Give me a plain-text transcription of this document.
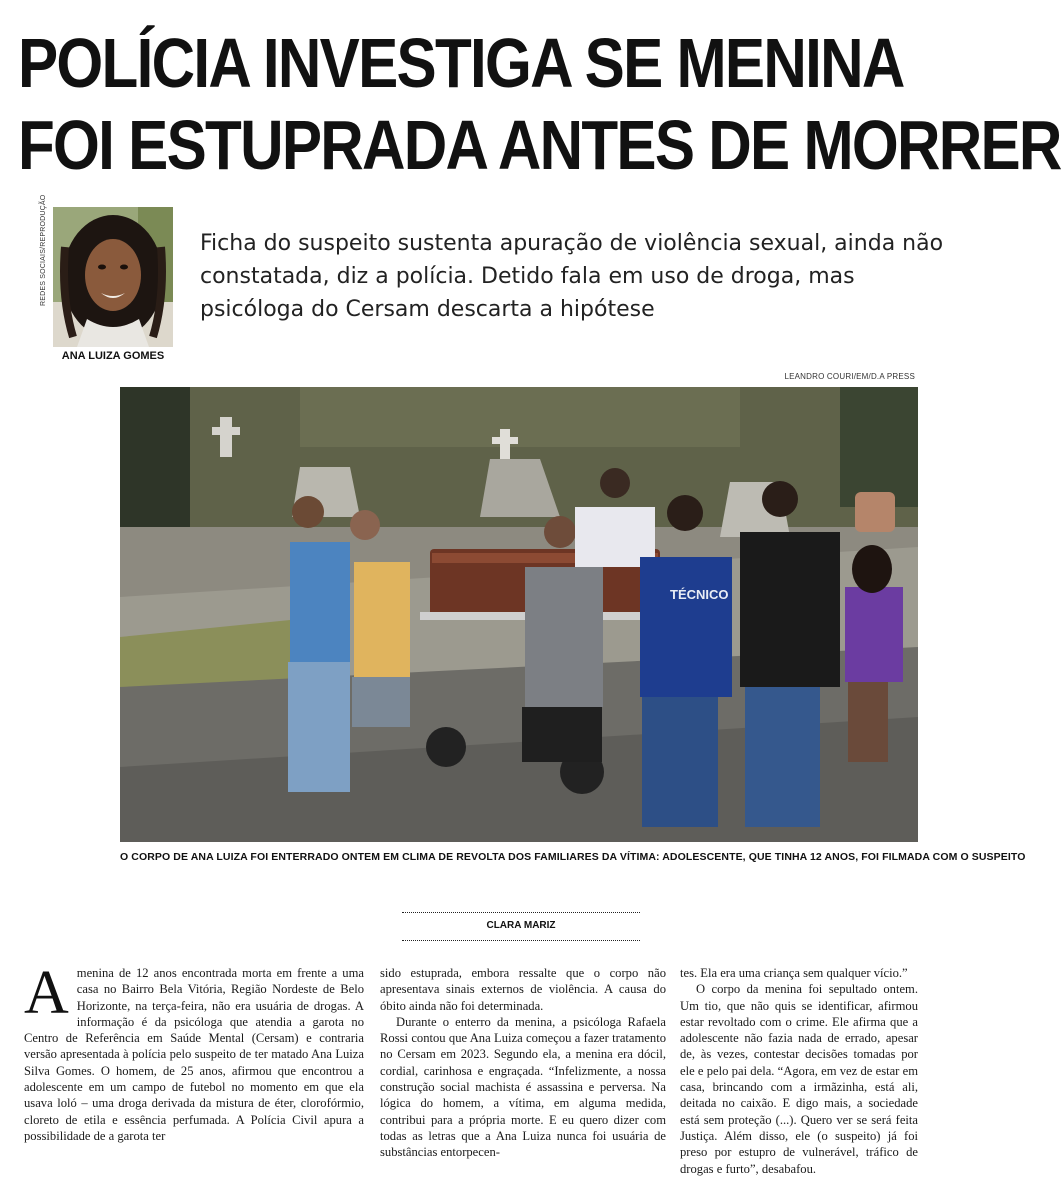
POLÍCIA INVESTIGA SE MENINA
FOI ESTUPRADA ANTES DE MORRER
REDES SOCIAIS/REPRODUÇÃO
ANA LUIZA GOMES

Ficha do suspeito sustenta apuração de violência sexual, ainda não constatada, diz a polícia. Detido fala em uso de droga, mas psicóloga do Cersam descarta a hipótese

LEANDRO COURI/EM/D.A PRESS
TÉCNICO
O CORPO DE ANA LUIZA FOI ENTERRADO ONTEM EM CLIMA DE REVOLTA DOS FAMILIARES DA VÍTIMA: ADOLESCENTE, QUE TINHA 12 ANOS, FOI FILMADA COM O SUSPEITO
CLARA MARIZ

Amenina de 12 anos encontrada morta em frente a uma casa no Bairro Bela Vitória, Região Nordeste de Belo Horizonte, na terça-feira, não era usuária de drogas. A informação é da psicóloga que atendia a garota no Centro de Referência em Saúde Mental (Cersam) e contraria versão apresentada à polícia pelo suspeito de ter matado Ana Luiza Silva Gomes. O homem, de 25 anos, afirmou que encontrou a adolescente em um campo de futebol no momento em que ela usava loló – uma droga derivada da mistura de éter, clorofórmio, cloreto de etila e essência perfumada. A Polícia Civil apura a possibilidade de a garota ter

sido estuprada, embora ressalte que o corpo não apresentava sinais externos de violência. A causa do óbito ainda não foi determinada.

Durante o enterro da menina, a psicóloga Rafaela Rossi contou que Ana Luiza começou a fazer tratamento no Cersam em 2023. Segundo ela, a menina era dócil, cordial, carinhosa e engraçada. “Infelizmente, a nossa construção social machista é assassina e perversa. Na lógica do homem, a vítima, em alguma medida, contribui para a própria morte. E eu quero dizer com todas as letras que a Ana Luiza nunca foi usuária de substâncias entorpecen-

tes. Ela era uma criança sem qualquer vício.”

O corpo da menina foi sepultado ontem. Um tio, que não quis se identificar, afirmou estar revoltado com o crime. Ele afirma que a adolescente não fazia nada de errado, apesar de, às vezes, contestar decisões tomadas por ele e pelo pai dela. “Agora, em vez de estar em casa, brincando com a irmãzinha, está ali, deitada no caixão. E digo mais, a sociedade está sem proteção (...). Quero ver se será feita Justiça. Além disso, ele (o suspeito) já foi preso por estupro de vulnerável, tráfico de drogas e furto”, desabafou.
